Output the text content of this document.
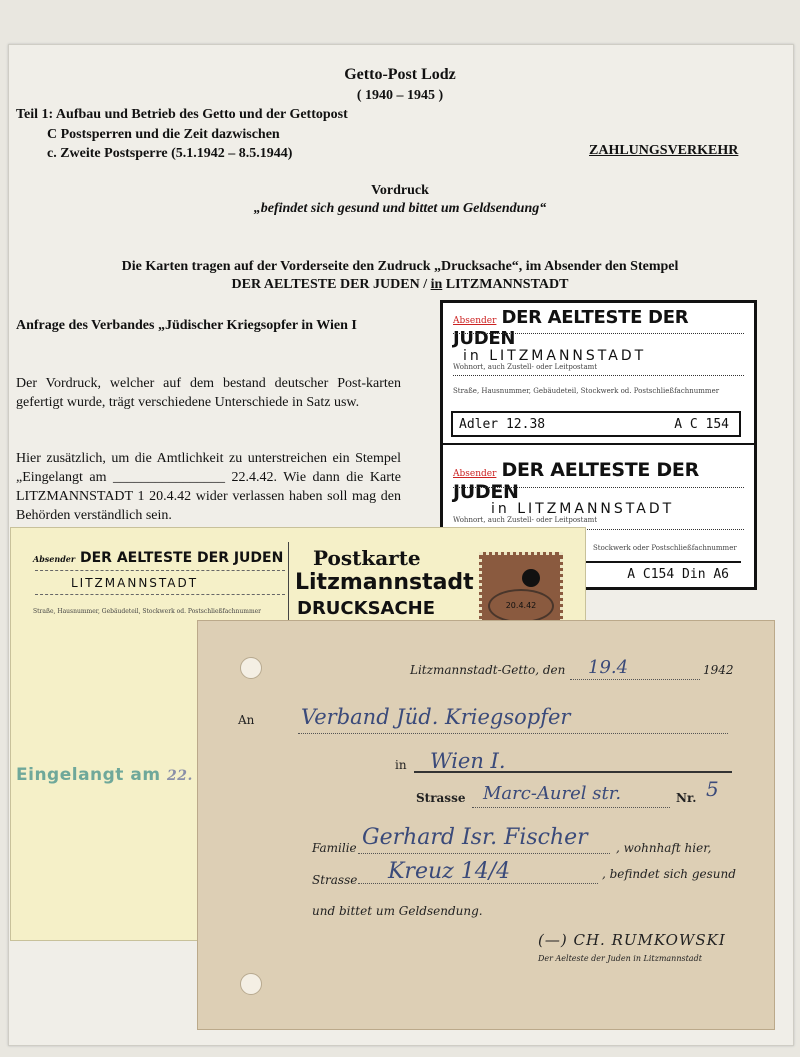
Getto-Post Lodz
( 1940 – 1945 )
Teil 1: Aufbau und Betrieb des Getto und der Gettopost
C Postsperren und die Zeit dazwischen
c. Zweite Postsperre (5.1.1942 – 8.5.1944)	ZAHLUNGSVERKEHR
Vordruck
„befindet sich gesund und bittet um Geldsendung“
Die Karten tragen auf der Vorderseite den Zudruck „Drucksache“, im Absender den Stempel
DER AELTESTE DER JUDEN / in LITZMANNSTADT
Anfrage des Verbandes „Jüdischer Kriegsopfer in Wien I
Der Vordruck, welcher auf dem bestand deutscher Post-karten gefertigt wurde, trägt verschiedene Unterschiede in Satz usw.
Hier zusätzlich, um die Amtlichkeit zu unterstreichen ein Stempel „Eingelangt am ________________ 22.4.42. Wie dann die Karte LITZMANNSTADT 1 20.4.42 wider verlassen haben soll mag den Behörden verständlich sein.
Absender DER AELTESTE DER JUDEN
in LITZMANNSTADT
Wohnort, auch Zustell- oder Leitpostamt
Straße, Hausnummer, Gebäudeteil, Stockwerk od. Postschließfachnummer
Adler 12.38	A C 154
Absender DER AELTESTE DER JUDEN
in LITZMANNSTADT
Wohnort, auch Zustell- oder Leitpostamt
Stockwerk oder Postschließfachnummer
A C154 Din A6
Absender DER AELTESTE DER JUDEN
LITZMANNSTADT
Straße, Hausnummer, Gebäudeteil, Stockwerk od. Postschließfachnummer
Postkarte
Litzmannstadt
DRUCKSACHE	20.4.42
Eingelangt am 22.
Litzmannstadt-Getto, den 19.4	1942
An Verband Jüd. Kriegsopfer
in Wien I.
Strasse Marc-Aurel str.	Nr. 5
Familie Gerhard Isr. Fischer , wohnhaft hier,
Strasse Kreuz 14/4	, befindet sich gesund
und bittet um Geldsendung.
(—) CH. RUMKOWSKI
Der Aelteste der Juden in Litzmannstadt
